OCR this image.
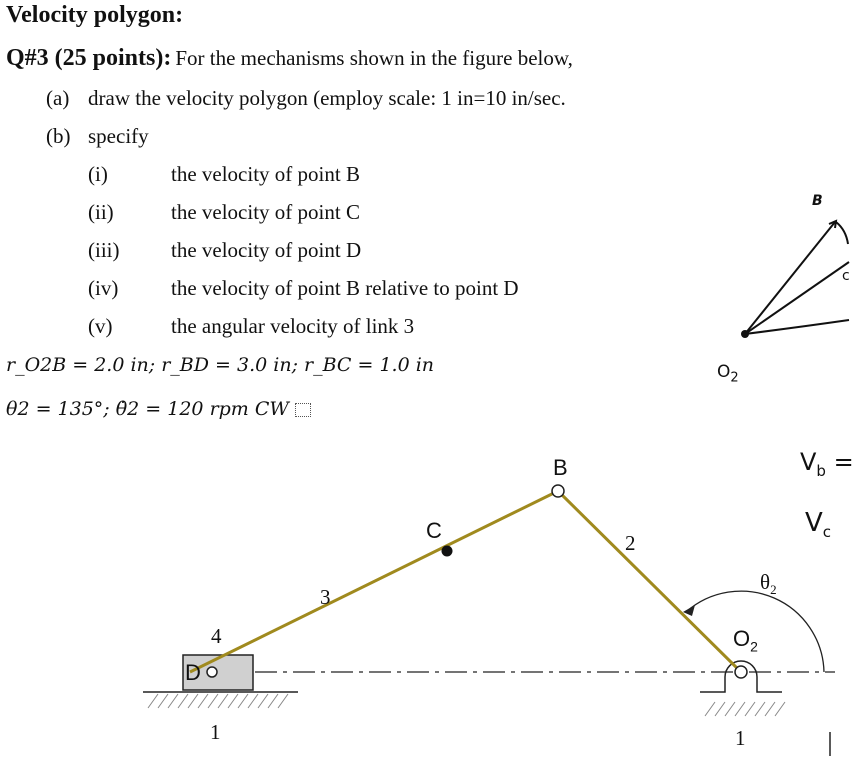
Velocity polygon:
Q#3 (25 points): For the mechanisms shown in the figure below,
(a) draw the velocity polygon (employ scale: 1 in=10 in/sec.
(b) specify
(i)	the velocity of point B
(ii)	the velocity of point C
(iii) the velocity of point D
(iv)	the velocity of point B relative to point D
(v)	the angular velocity of link 3
r_O2B = 2.0 in; r_BD = 3.0 in; r_BC = 1.0 in
θ2 = 135°; θ̇2 = 120 rpm CW
B
C
D
$O_2$
3
2
4
1	1
$\theta_2$
B
c
$O_2$
$V_b$ =
$V_c$
